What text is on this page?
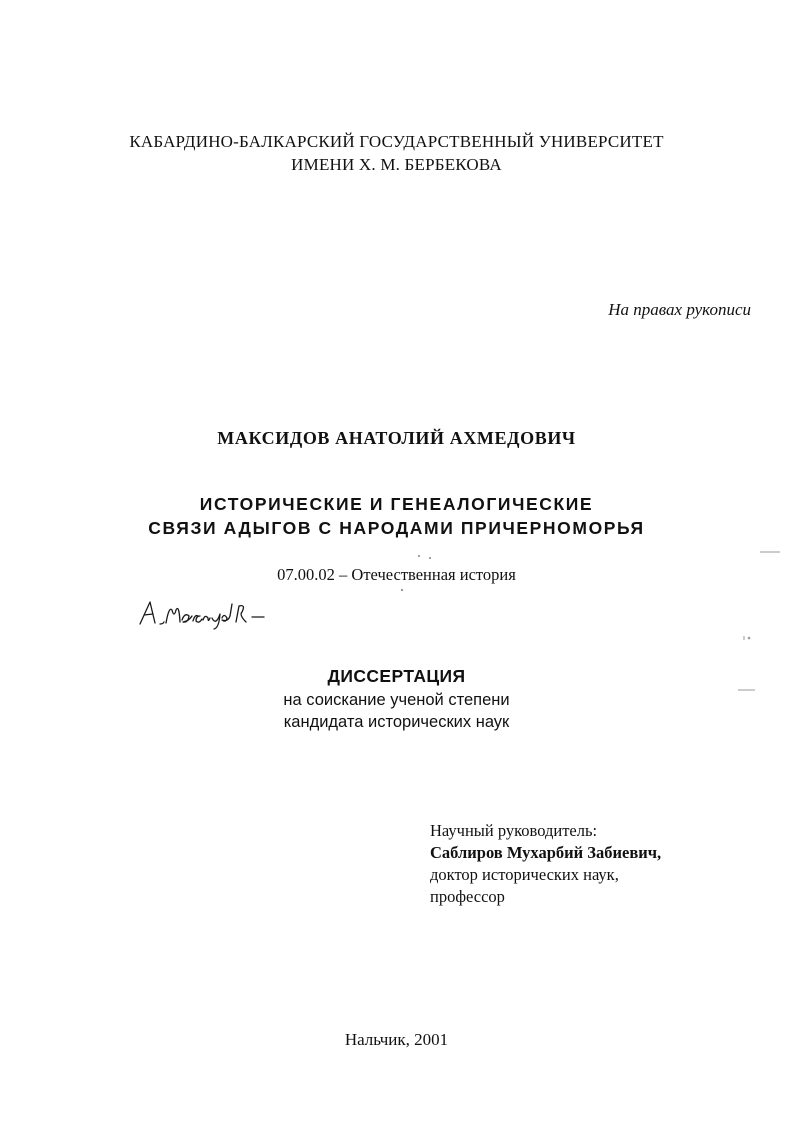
КАБАРДИНО-БАЛКАРСКИЙ ГОСУДАРСТВЕННЫЙ УНИВЕРСИТЕТ
ИМЕНИ Х. М. БЕРБЕКОВА
На правах рукописи
МАКСИДОВ АНАТОЛИЙ АХМЕДОВИЧ
ИСТОРИЧЕСКИЕ И ГЕНЕАЛОГИЧЕСКИЕ
СВЯЗИ АДЫГОВ С НАРОДАМИ ПРИЧЕРНОМОРЬЯ
07.00.02 – Отечественная история
ДИССЕРТАЦИЯ
на соискание ученой степени
кандидата исторических наук
Научный руководитель:
Саблиров Мухарбий Забиевич,
доктор исторических наук,
профессор
Нальчик, 2001
